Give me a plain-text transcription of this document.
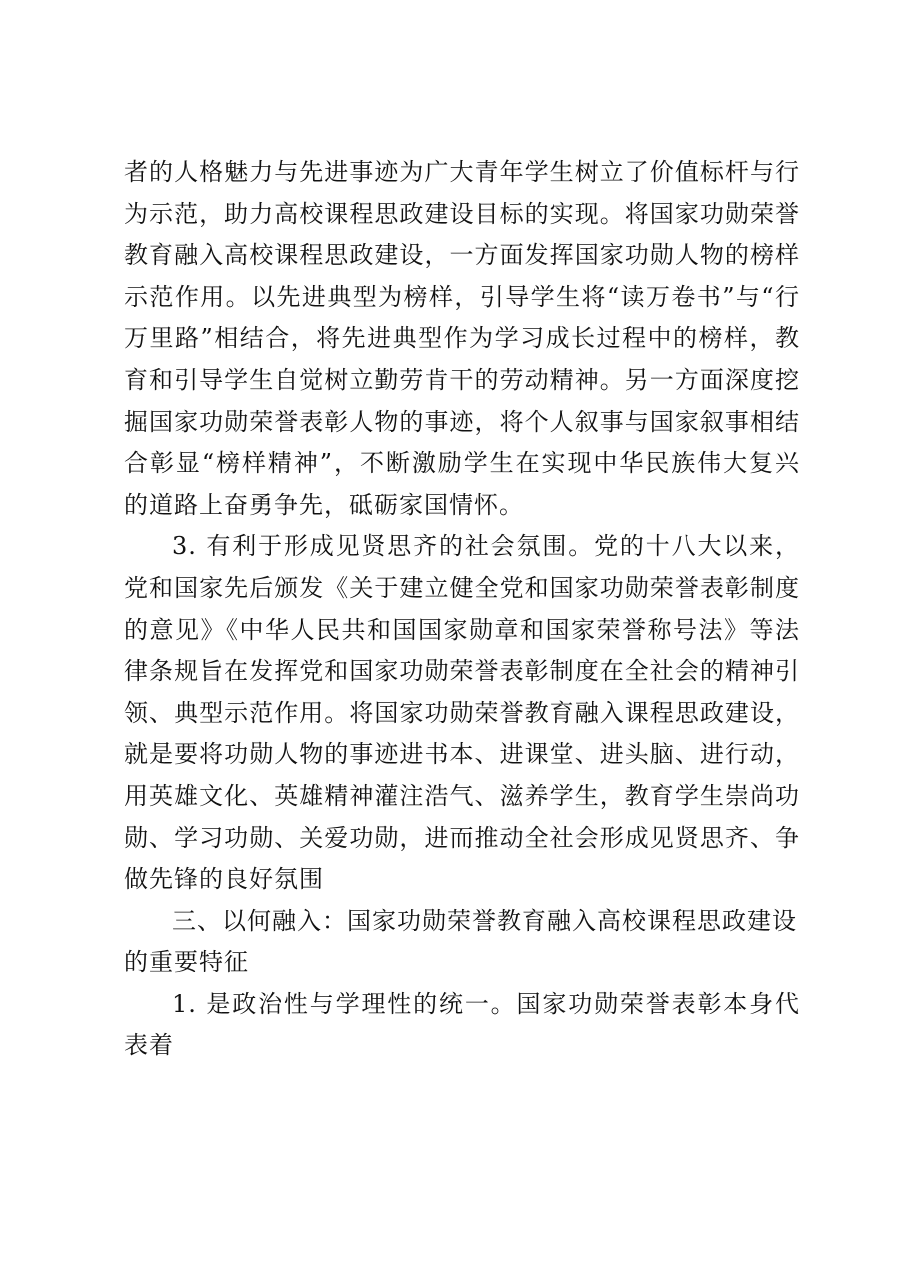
者的人格魅力与先进事迹为广大青年学生树立了价值标杆与行为示范，助力高校课程思政建设目标的实现。将国家功勋荣誉教育融入高校课程思政建设，一方面发挥国家功勋人物的榜样示范作用。以先进典型为榜样，引导学生将“读万卷书”与“行万里路”相结合，将先进典型作为学习成长过程中的榜样，教育和引导学生自觉树立勤劳肯干的劳动精神。另一方面深度挖掘国家功勋荣誉表彰人物的事迹，将个人叙事与国家叙事相结合彰显“榜样精神”，不断激励学生在实现中华民族伟大复兴的道路上奋勇争先，砥砺家国情怀。

3. 有利于形成见贤思齐的社会氛围。党的十八大以来，党和国家先后颁发《关于建立健全党和国家功勋荣誉表彰制度的意见》《中华人民共和国国家勋章和国家荣誉称号法》等法律条规旨在发挥党和国家功勋荣誉表彰制度在全社会的精神引领、典型示范作用。将国家功勋荣誉教育融入课程思政建设，就是要将功勋人物的事迹进书本、进课堂、进头脑、进行动，用英雄文化、英雄精神灌注浩气、滋养学生，教育学生崇尚功勋、学习功勋、关爱功勋，进而推动全社会形成见贤思齐、争做先锋的良好氛围

三、以何融入：国家功勋荣誉教育融入高校课程思政建设的重要特征

1. 是政治性与学理性的统一。国家功勋荣誉表彰本身代表着
